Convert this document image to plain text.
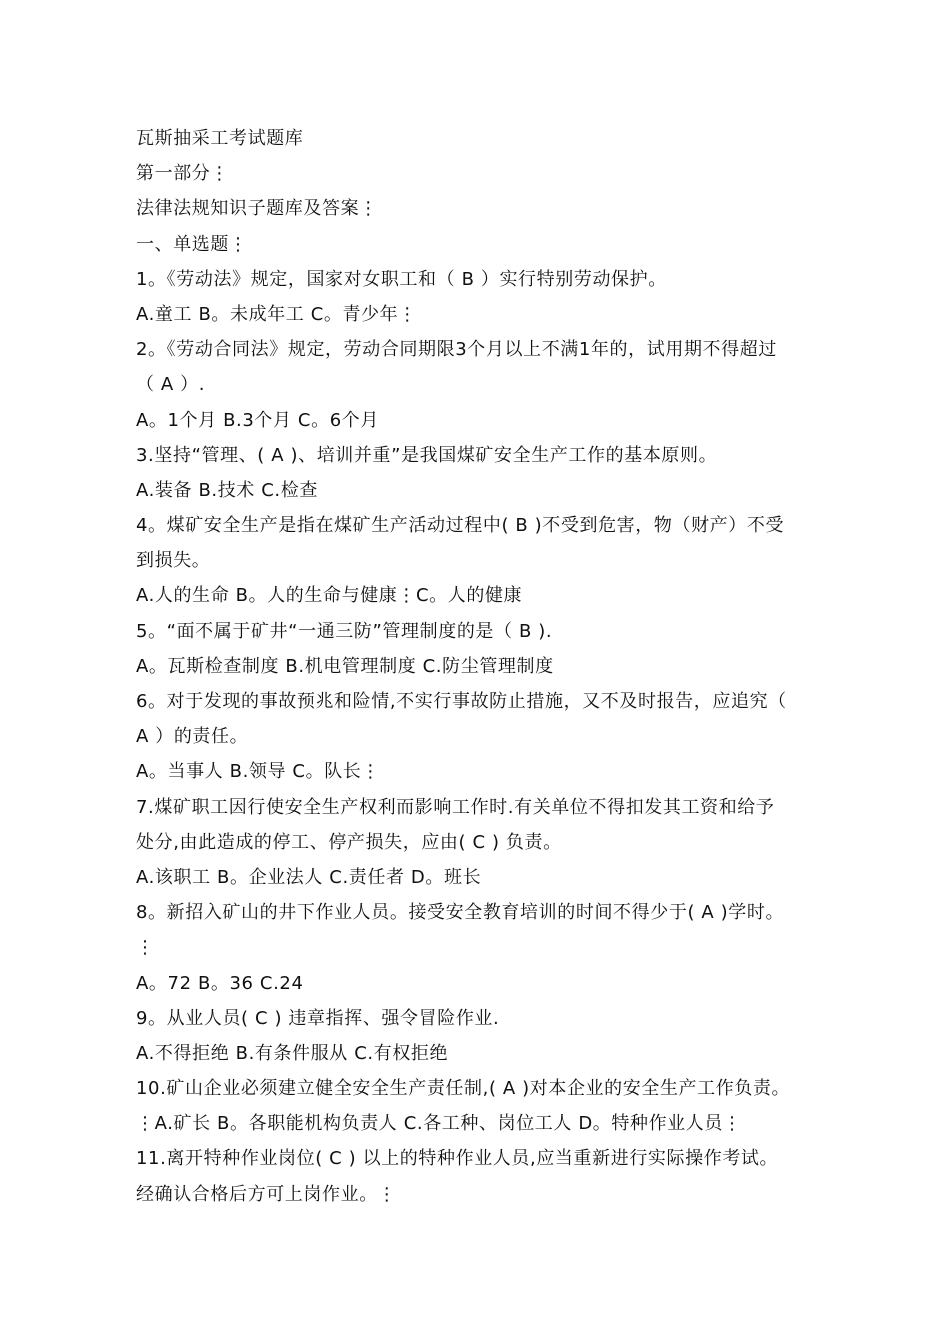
瓦斯抽采工考试题库
第一部分⋮
法律法规知识子题库及答案⋮
一、单选题⋮
1。《劳动法》规定，国家对女职工和（ B ）实行特别劳动保护。
A.童工 B。未成年工 C。青少年⋮
2。《劳动合同法》规定，劳动合同期限3个月以上不满1年的，试用期不得超过
（ A ）.
A。1个月 B.3个月 C。6个月
3.坚持“管理、( A )、培训并重”是我国煤矿安全生产工作的基本原则。
A.装备 B.技术 C.检查
4。煤矿安全生产是指在煤矿生产活动过程中( B )不受到危害，物（财产）不受
到损失。
A.人的生命 B。人的生命与健康⋮C。人的健康
5。“面不属于矿井“一通三防”管理制度的是（ B ).
A。瓦斯检查制度 B.机电管理制度 C.防尘管理制度
6。对于发现的事故预兆和险情,不实行事故防止措施，又不及时报告，应追究（
A ）的责任。
A。当事人 B.领导 C。队长⋮
7.煤矿职工因行使安全生产权利而影响工作时.有关单位不得扣发其工资和给予
处分,由此造成的停工、停产损失，应由( C ) 负责。
A.该职工 B。企业法人 C.责任者 D。班长
8。新招入矿山的井下作业人员。接受安全教育培训的时间不得少于( A )学时。
⋮
A。72 B。36 C.24
9。从业人员( C ) 违章指挥、强令冒险作业.
A.不得拒绝 B.有条件服从 C.有权拒绝
10.矿山企业必须建立健全安全生产责任制,( A )对本企业的安全生产工作负责。
⋮A.矿长 B。各职能机构负责人 C.各工种、岗位工人 D。特种作业人员⋮
11.离开特种作业岗位( C ) 以上的特种作业人员,应当重新进行实际操作考试。
经确认合格后方可上岗作业。⋮
